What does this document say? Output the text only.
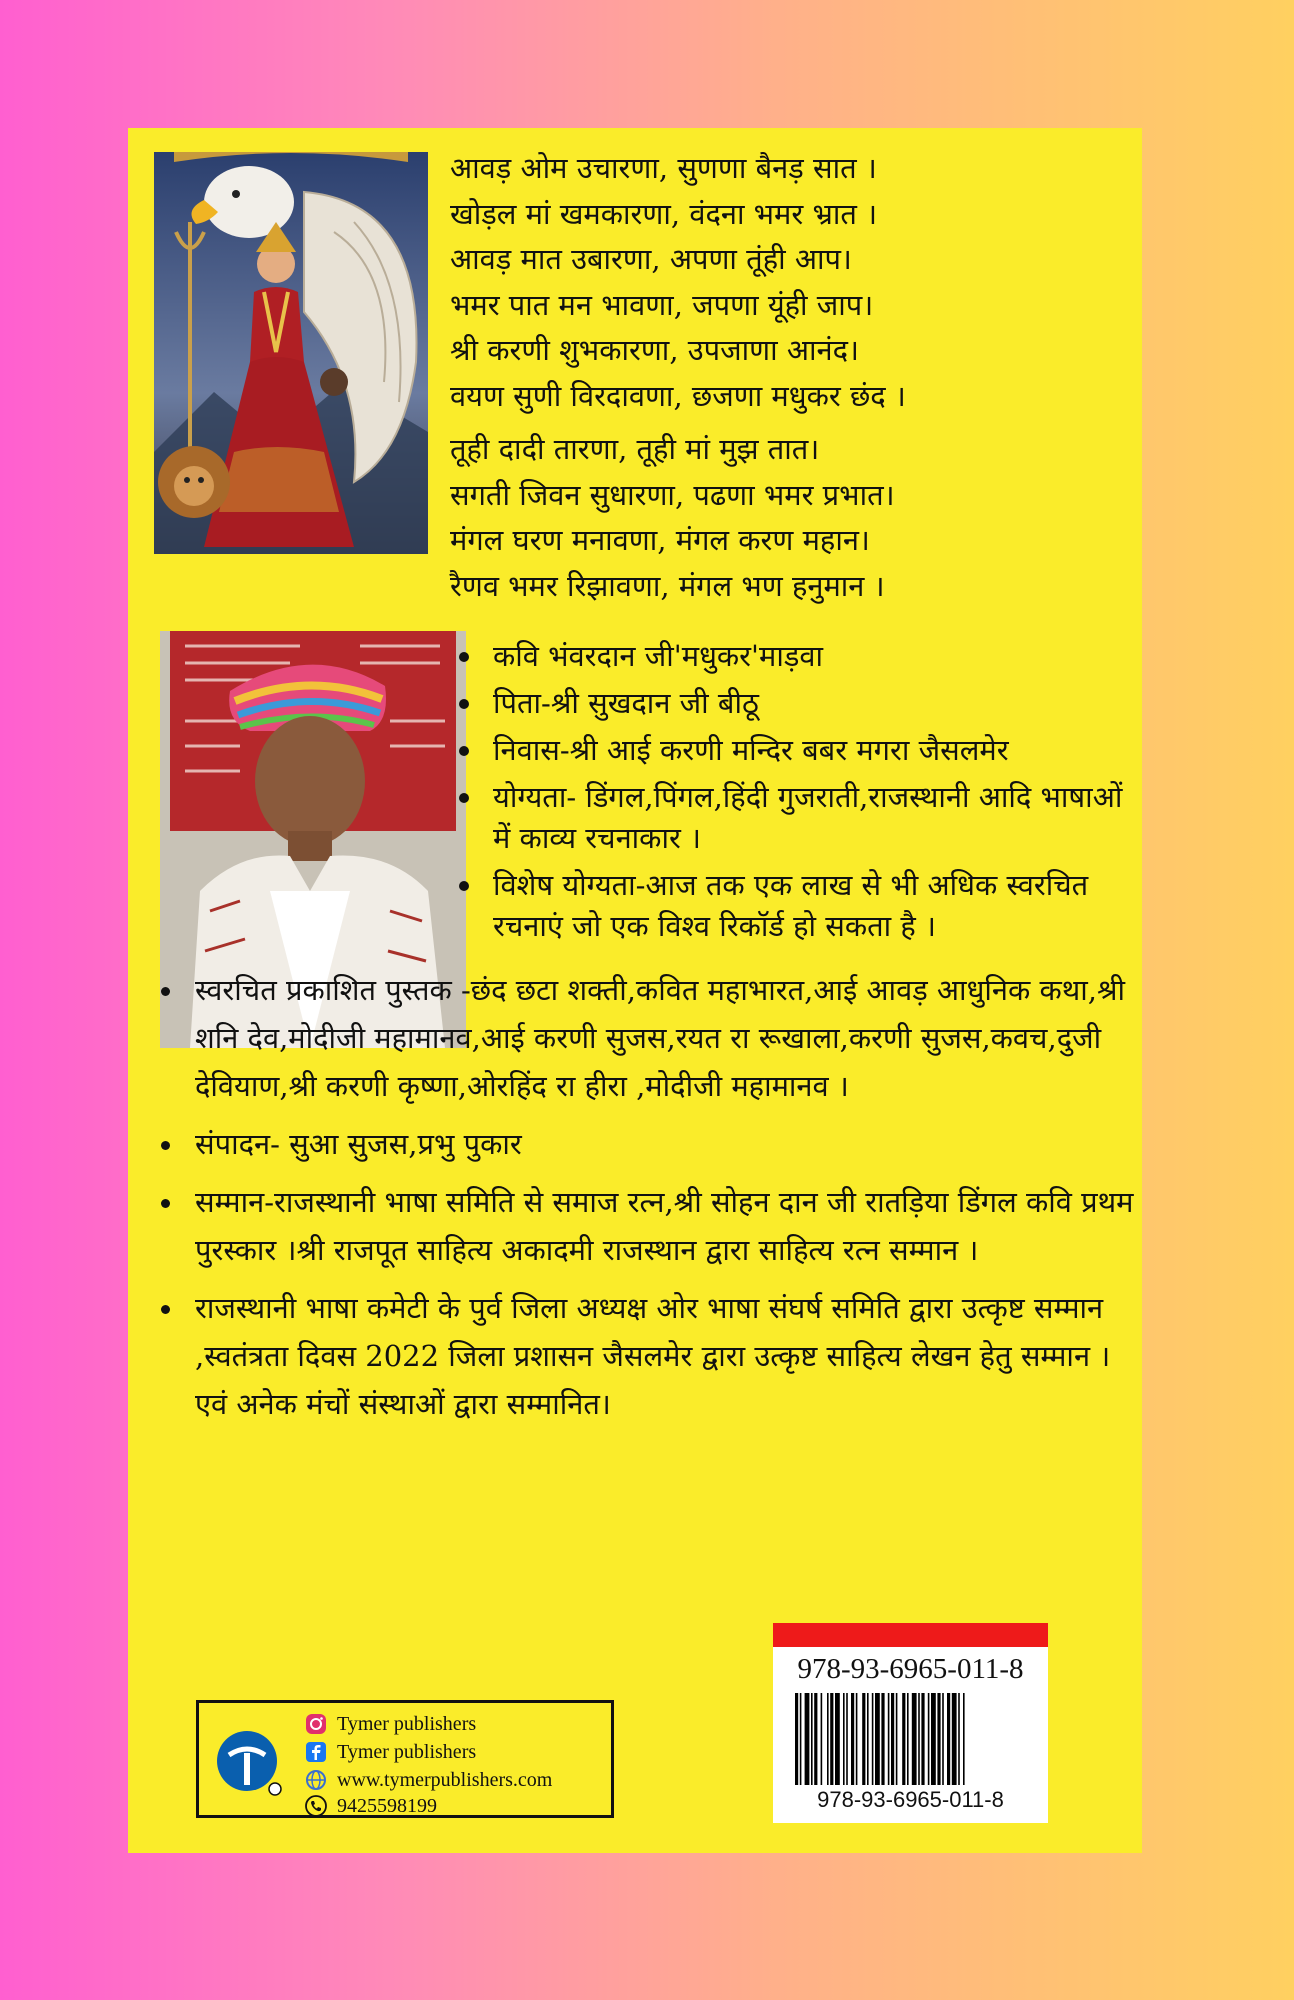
आवड़ ओम उचारणा, सुणणा बैनड़ सात ।
खोड़ल मां खमकारणा, वंदना भमर भ्रात ।
आवड़ मात उबारणा, अपणा तूंही आप।
भमर पात मन भावणा, जपणा यूंही जाप।
श्री करणी शुभकारणा, उपजाणा आनंद।
वयण सुणी विरदावणा, छजणा मधुकर छंद ।
तूही दादी तारणा, तूही मां मुझ तात।
सगती जिवन सुधारणा, पढणा भमर प्रभात।
मंगल घरण मनावणा, मंगल करण महान।
रैणव भमर रिझावणा, मंगल भण हनुमान ।
कवि भंवरदान जी'मधुकर'माड़वा
पिता-श्री सुखदान जी बीठू
निवास-श्री आई करणी मन्दिर बबर मगरा जैसलमेर
योग्यता- डिंगल,पिंगल,हिंदी गुजराती,राजस्थानी आदि भाषाओं में काव्य रचनाकार ।
विशेष योग्यता-आज तक एक लाख से भी अधिक स्वरचित रचनाएं जो एक विश्व रिकॉर्ड हो सकता है ।
स्वरचित प्रकाशित पुस्तक -छंद छटा शक्ती,कवित महाभारत,आई आवड़ आधुनिक कथा,श्री शनि देव,मोदीजी महामानव,आई करणी सुजस,रयत रा रूखाला,करणी सुजस,कवच,दुजी देवियाण,श्री करणी कृष्णा,ओरहिंद रा हीरा ,मोदीजी महामानव ।
संपादन- सुआ सुजस,प्रभु पुकार
सम्मान-राजस्थानी भाषा समिति से समाज रत्न,श्री सोहन दान जी रातड़िया डिंगल कवि प्रथम पुरस्कार ।श्री राजपूत साहित्य अकादमी राजस्थान द्वारा साहित्य रत्न सम्मान ।
राजस्थानी भाषा कमेटी के पुर्व जिला अध्यक्ष ओर भाषा संघर्ष समिति द्वारा उत्कृष्ट सम्मान ,स्वतंत्रता दिवस 2022 जिला प्रशासन जैसलमेर द्वारा उत्कृष्ट साहित्य लेखन हेतु सम्मान ।एवं अनेक मंचों संस्थाओं द्वारा सम्मानित।
Tymer publishers
Tymer publishers
www.tymerpublishers.com
9425598199
978-93-6965-011-8
978-93-6965-011-8
